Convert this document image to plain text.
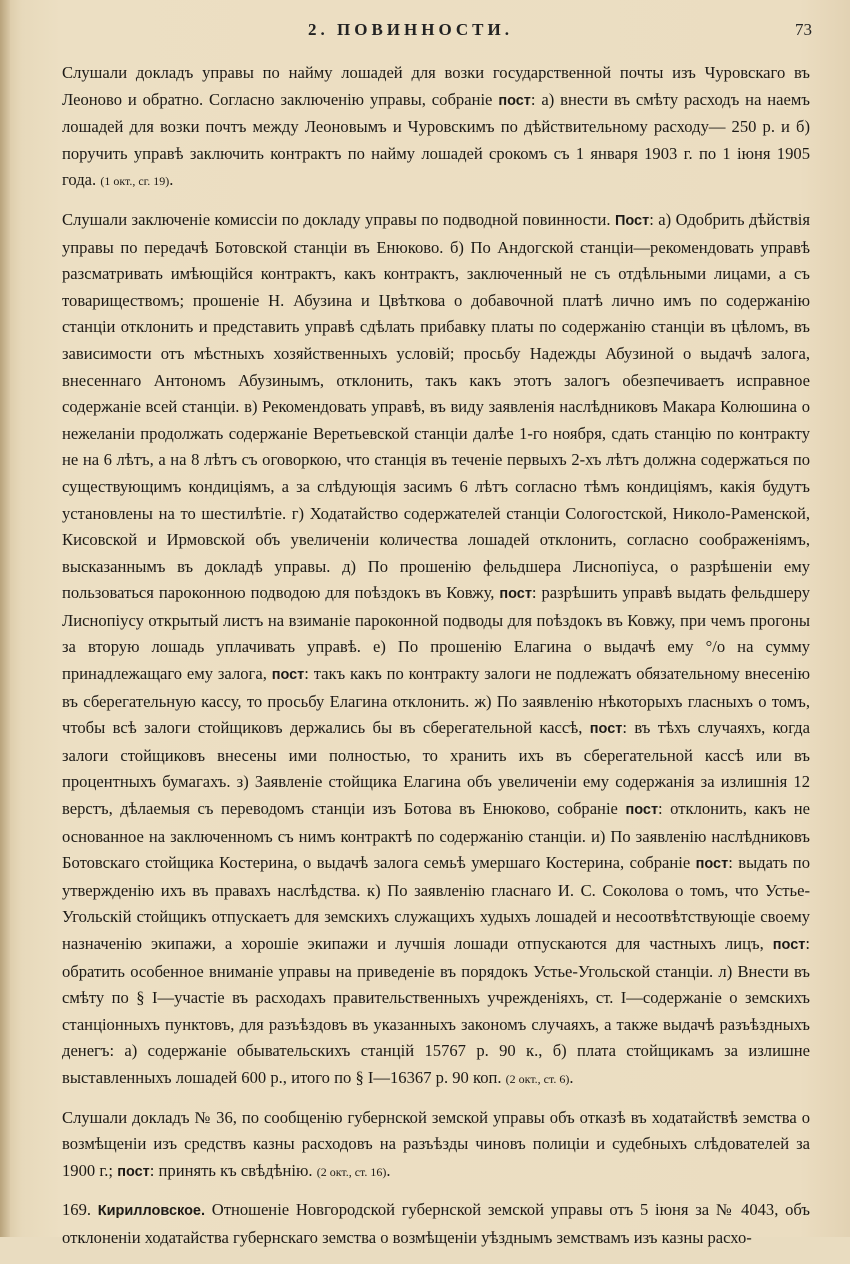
2. ПОВИННОСТИ.	73

Слушали докладъ управы по найму лошадей для возки государственной почты изъ Чуровскаго въ Леоново и обратно. Согласно заключенію управы, собраніе пост: а) внести въ смѣту расходъ на наемъ лошадей для возки почтъ между Леоновымъ и Чуровскимъ по дѣйствительному расходу— 250 р. и б) поручить управѣ заключить контрактъ по найму лошадей срокомъ съ 1 января 1903 г. по 1 іюня 1905 года. (1 окт., сг. 19).

Слушали заключеніе комиссіи по докладу управы по подводной повинности. Пост: а) Одобрить дѣйствія управы по передачѣ Ботовской станціи въ Енюково. б) По Андогской станціи—рекомендовать управѣ разсматривать имѣющійся контрактъ, какъ контрактъ, заключенный не съ отдѣльными лицами, а съ товариществомъ; прошеніе Н. Абузина и Цвѣткова о добавочной платѣ лично имъ по содержанію станціи отклонить и представить управѣ сдѣлать прибавку платы по содержанію станціи въ цѣломъ, въ зависимости отъ мѣстныхъ хозяйственныхъ условій; просьбу Надежды Абузиной о выдачѣ залога, внесеннаго Антономъ Абузинымъ, отклонить, такъ какъ этотъ залогъ обезпечиваетъ исправное содержаніе всей станціи. в) Рекомендовать управѣ, въ виду заявленія наслѣдниковъ Макара Колюшина о нежеланіи продолжать содержаніе Веретьевской станціи далѣе 1-го ноября, сдать станцію по контракту не на 6 лѣтъ, а на 8 лѣтъ съ оговоркою, что станція въ теченіе первыхъ 2-хъ лѣтъ должна содержаться по существующимъ кондиціямъ, а за слѣдующія засимъ 6 лѣтъ согласно тѣмъ кондиціямъ, какія будутъ установлены на то шестилѣтіе. г) Ходатайство содержателей станціи Сологостской, Николо-Раменской, Кисовской и Ирмовской объ увеличеніи количества лошадей отклонить, согласно соображеніямъ, высказаннымъ въ докладѣ управы. д) По прошенію фельдшера Лиснопіуса, о разрѣшеніи ему пользоваться пароконною подводою для поѣздокъ въ Ковжу, пост: разрѣшить управѣ выдать фельдшеру Лиснопіусу открытый листъ на взиманіе пароконной подводы для поѣздокъ въ Ковжу, при чемъ прогоны за вторую лошадь уплачивать управѣ. е) По прошенію Елагина о выдачѣ ему °/о на сумму принадлежащаго ему залога, пост: такъ какъ по контракту залоги не подлежатъ обязательному внесенію въ сберегательную кассу, то просьбу Елагина отклонить. ж) По заявленію нѣкоторыхъ гласныхъ о томъ, чтобы всѣ залоги стойщиковъ держались бы въ сберегательной кассѣ, пост: въ тѣхъ случаяхъ, когда залоги стойщиковъ внесены ими полностью, то хранить ихъ въ сберегательной кассѣ или въ процентныхъ бумагахъ. з) Заявленіе стойщика Елагина объ увеличеніи ему содержанія за излишнія 12 верстъ, дѣлаемыя съ переводомъ станціи изъ Ботова въ Енюково, собраніе пост: отклонить, какъ не основанное на заключенномъ съ нимъ контрактѣ по содержанію станціи. и) По заявленію наслѣдниковъ Ботовскаго стойщика Костерина, о выдачѣ залога семьѣ умершаго Костерина, собраніе пост: выдать по утвержденію ихъ въ правахъ наслѣдства. к) По заявленію гласнаго И. С. Соколова о томъ, что Устье-Угольскій стойщикъ отпускаетъ для земскихъ служащихъ худыхъ лошадей и несоотвѣтствующіе своему назначенію экипажи, а хорошіе экипажи и лучшія лошади отпускаются для частныхъ лицъ, пост: обратить особенное вниманіе управы на приведеніе въ порядокъ Устье-Угольской станціи. л) Внести въ смѣту по § I—участіе въ расходахъ правительственныхъ учрежденіяхъ, ст. I—содержаніе о земскихъ станціонныхъ пунктовъ, для разъѣздовъ въ указанныхъ закономъ случаяхъ, а также выдачѣ разъѣздныхъ денегъ: а) содержаніе обывательскихъ станцій 15767 р. 90 к., б) плата стойщикамъ за излишне выставленныхъ лошадей 600 р., итого по § I—16367 р. 90 коп. (2 окт., ст. 6).

Слушали докладъ № 36, по сообщенію губернской земской управы объ отказѣ въ ходатайствѣ земства о возмѣщеніи изъ средствъ казны расходовъ на разъѣзды чиновъ полиціи и судебныхъ слѣдователей за 1900 г.; пост: принять къ свѣдѣнію. (2 окт., ст. 16).

169. Кирилловское. Отношеніе Новгородской губернской земской управы отъ 5 іюня за № 4043, объ отклоненіи ходатайства губернскаго земства о возмѣщеніи уѣзднымъ земствамъ изъ казны расхо-
